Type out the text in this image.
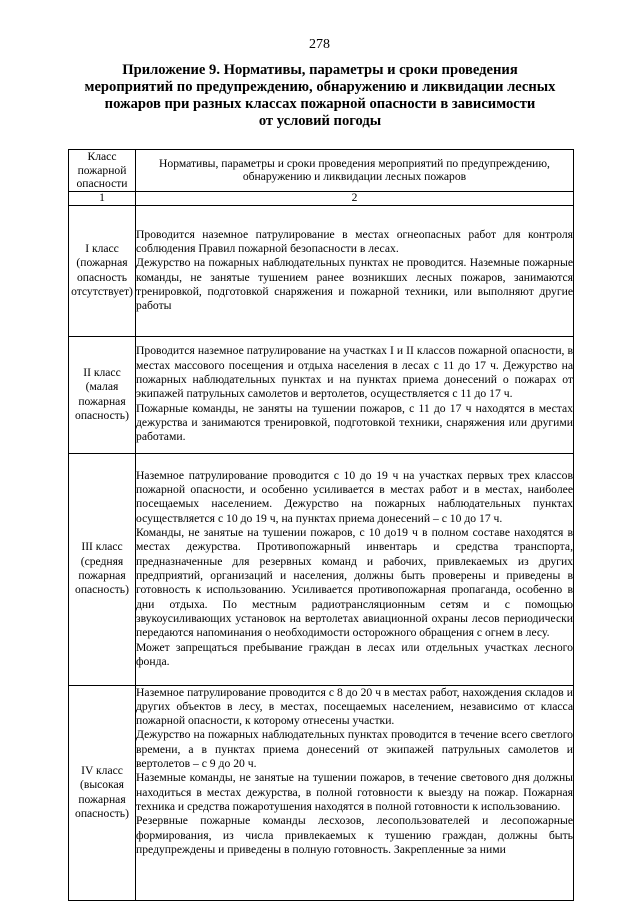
278
Приложение 9. Нормативы, параметры и сроки проведения
мероприятий по предупреждению, обнаружению и ликвидации лесных
пожаров при разных классах пожарной опасности в зависимости
от условий погоды
Класс пожарной опасности	Нормативы, параметры и сроки проведения мероприятий по предупреждению, обнаружению и ликвидации лесных пожаров
1	2
I класс (пожарная опасность отсутствует)	Проводится наземное патрулирование в местах огнеопасных работ для контроля соблюдения Правил пожарной безопасности в лесах.

Дежурство на пожарных наблюдательных пунктах не проводится. Наземные пожарные команды, не занятые тушением ранее возникших лесных пожаров, занимаются тренировкой, подготовкой снаряжения и пожарной техники, или выполняют другие работы

II класс (малая пожарная опасность)	Проводится наземное патрулирование на участках I и II классов пожарной опасности, в местах массового посещения и отдыха населения в лесах с 11 до 17 ч. Дежурство на пожарных наблюдательных пунктах и на пунктах приема донесений о пожарах от экипажей патрульных самолетов и вертолетов, осуществляется с 11 до 17 ч.

Пожарные команды, не заняты на тушении пожаров, с 11 до 17 ч находятся в местах дежурства и занимаются тренировкой, подготовкой техники, снаряжения или другими работами.

III класс (средняя пожарная опасность)	Наземное патрулирование проводится с 10 до 19 ч на участках первых трех классов пожарной опасности, и особенно усиливается в местах работ и в местах, наиболее посещаемых населением. Дежурство на пожарных наблюдательных пунктах осуществляется с 10 до 19 ч, на пунктах приема донесений – с 10 до 17 ч.

Команды, не занятые на тушении пожаров, с 10 до19 ч в полном составе находятся в местах дежурства. Противопожарный инвентарь и средства транспорта, предназначенные для резервных команд и рабочих, привлекаемых из других предприятий, организаций и населения, должны быть проверены и приведены в готовность к использованию. Усиливается противопожарная пропаганда, особенно в дни отдыха. По местным радиотрансляционным сетям и с помощью звукоусиливающих установок на вертолетах авиационной охраны лесов периодически передаются напоминания о необходимости осторожного обращения с огнем в лесу.

Может запрещаться пребывание граждан в лесах или отдельных участках лесного фонда.

IV класс (высокая пожарная опасность)	Наземное патрулирование проводится с 8 до 20 ч в местах работ, нахождения складов и других объектов в лесу, в местах, посещаемых населением, независимо от класса пожарной опасности, к которому отнесены участки.

Дежурство на пожарных наблюдательных пунктах проводится в течение всего светлого времени, а в пунктах приема донесений от экипажей патрульных самолетов и вертолетов – с 9 до 20 ч.

Наземные команды, не занятые на тушении пожаров, в течение светового дня должны находиться в местах дежурства, в полной готовности к выезду на пожар. Пожарная техника и средства пожаротушения находятся в полной готовности к использованию.

Резервные пожарные команды лесхозов, лесопользователей и лесопожарные формирования, из числа привлекаемых к тушению граждан, должны быть предупреждены и приведены в полную готовность. Закрепленные за ними
